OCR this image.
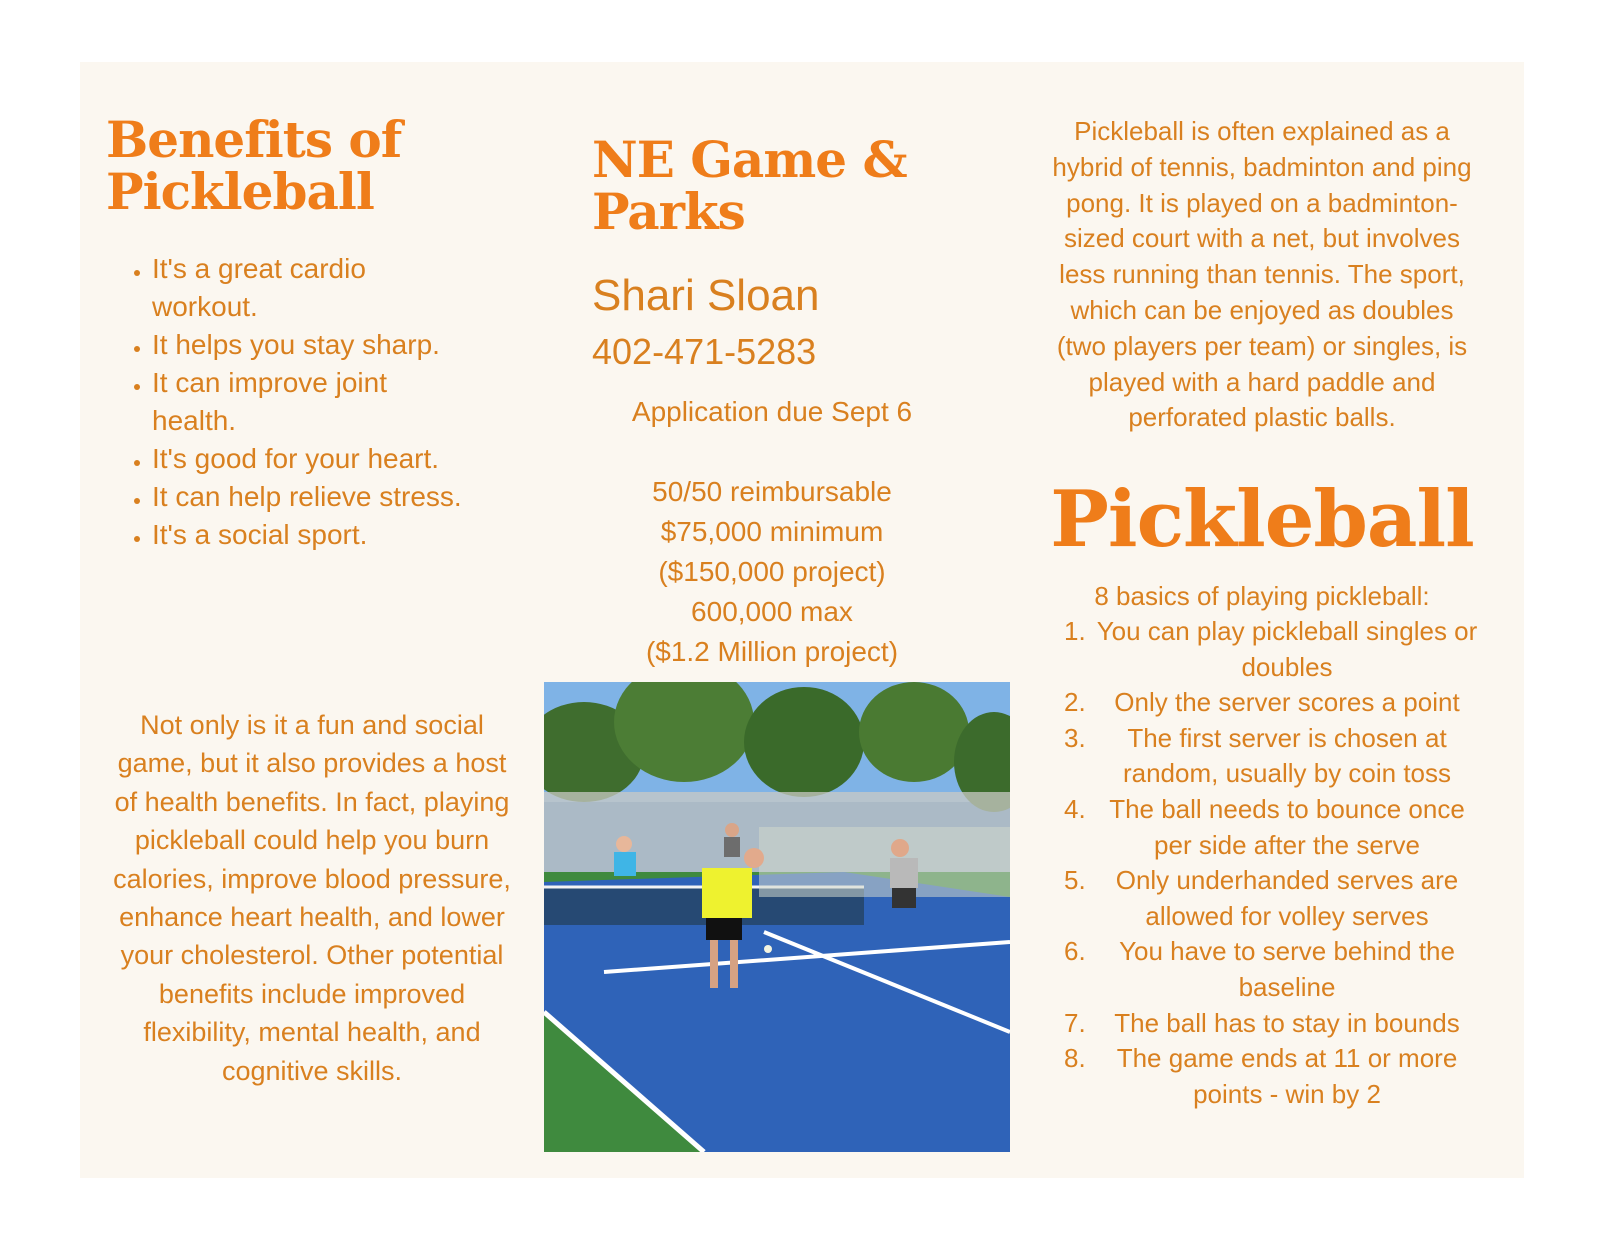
Benefits of Pickleball
• It's a great cardio workout.
• It helps you stay sharp.
• It can improve joint health.
• It's good for your heart.
• It can help relieve stress.
• It's a social sport.

Not only is it a fun and social game, but it also provides a host of health benefits. In fact, playing pickleball could help you burn calories, improve blood pressure, enhance heart health, and lower your cholesterol. Other potential benefits include improved flexibility, mental health, and cognitive skills.

NE Game & Parks

Shari Sloan

402-471-5283

Application due Sept 6

50/50 reimbursable
$75,000 minimum
($150,000 project)
600,000 max
($1.2 Million project)

Pickleball is often explained as a hybrid of tennis, badminton and ping pong. It is played on a badminton-sized court with a net, but involves less running than tennis. The sport, which can be enjoyed as doubles (two players per team) or singles, is played with a hard paddle and perforated plastic balls.

Pickleball

8 basics of playing pickleball:

1. You can play pickleball singles or doubles
2.	Only the server scores a point
3.	The first server is chosen at random, usually by coin toss
4. The ball needs to bounce once per side after the serve
5.	Only underhanded serves are allowed for volley serves
6.	You have to serve behind the baseline
7.	The ball has to stay in bounds
8.	The game ends at 11 or more points - win by 2
